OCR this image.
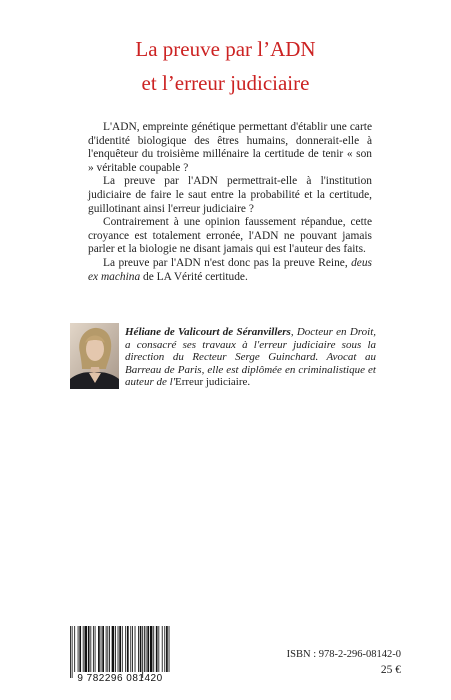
La preuve par l’ADN
et l’erreur judiciaire

L'ADN, empreinte génétique permettant d'établir une carte d'identité biologique des êtres humains, donnerait-elle à l'enquêteur du troisième millénaire la certitude de tenir « son » véritable coupable ?

La preuve par l'ADN permettrait-elle à l'institution judiciaire de faire le saut entre la probabilité et la certitude, guillotinant ainsi l'erreur judiciaire ?

Contrairement à une opinion faussement répandue, cette croyance est totalement erronée, l'ADN ne pouvant jamais parler et la biologie ne disant jamais qui est l'auteur des faits.

La preuve par l'ADN n'est donc pas la preuve Reine, deus ex machina de LA Vérité certitude.

Héliane de Valicourt de Séranvillers, Docteur en Droit, a consacré ses travaux à l'erreur judiciaire sous la direction du Recteur Serge Guinchard. Avocat au Barreau de Paris, elle est diplômée en criminalistique et auteur de l'Erreur judiciaire.

9 782296 081420

ISBN : 978-2-296-08142-0

25 €
